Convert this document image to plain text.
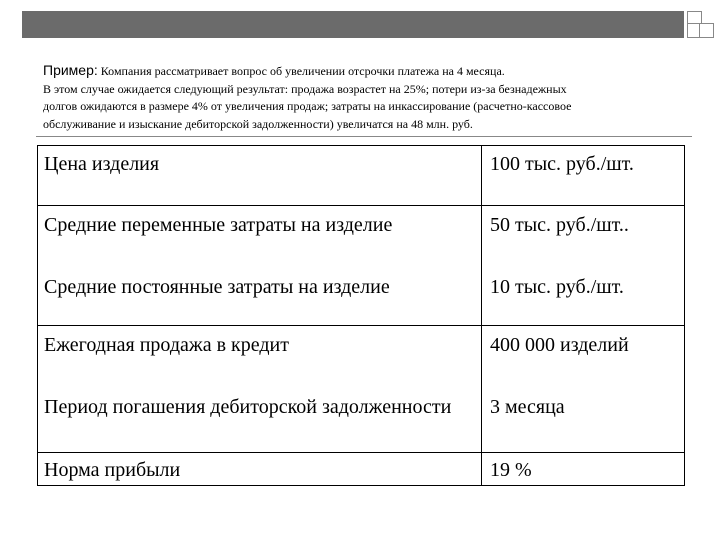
Пример: Компания рассматривает вопрос об увеличении отсрочки платежа на 4 месяца.
В этом случае ожидается следующий результат: продажа возрастет на 25%; потери из-за безнадежных
долгов ожидаются в размере 4% от увеличения продаж; затраты на инкассирование (расчетно-кассовое
обслуживание и изыскание дебиторской задолженности) увеличатся на 48 млн. руб.
Цена изделия	100 тыс. руб./шт.
Средние переменные затраты на изделие	50 тыс. руб./шт..
Средние постоянные затраты на изделие	10 тыс. руб./шт.
Ежегодная продажа в кредит	400 000 изделий
Период погашения дебиторской задолженности	3 месяца
Норма прибыли	19 %
